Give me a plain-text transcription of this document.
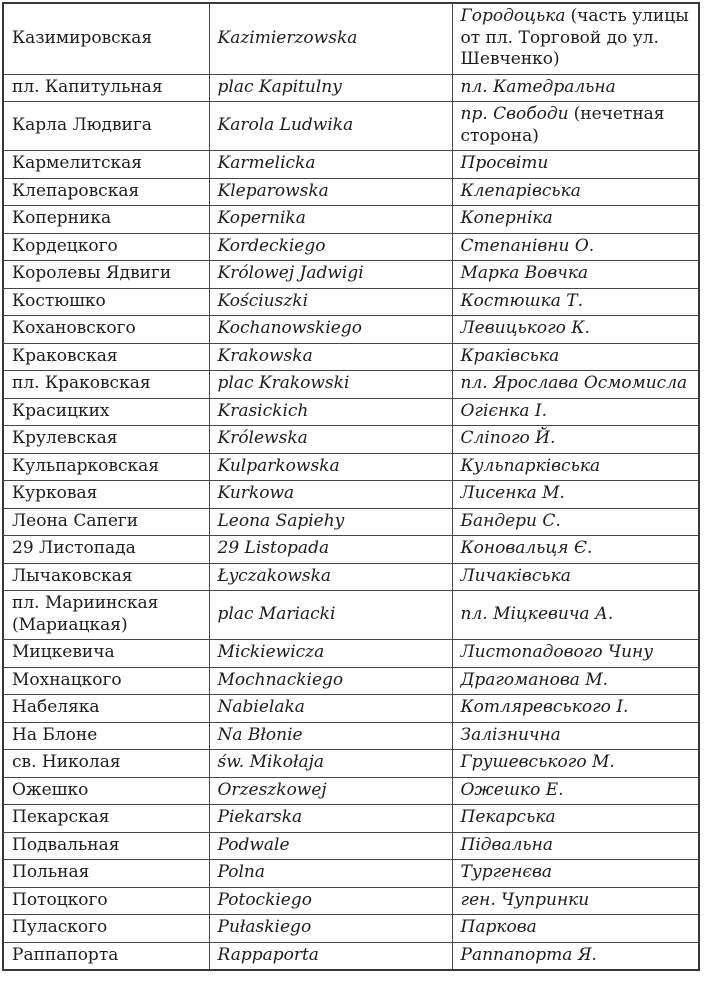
Казимировская	Kazimierzowska	Городоцька (часть улицы от пл. Торговой до ул. Шевченко)
пл. Капитульная	plac Kapitulny	пл. Катедральна
Карла Людвига	Karola Ludwika	пр. Свободи (нечетная сторона)
Кармелитская	Karmelicka	Просвіти
Клепаровская	Kleparowska	Клепарівська
Коперника	Kopernika	Коперніка
Кордецкого	Kordeckiego	Степанівни О.
Королевы Ядвиги	Królowej Jadwigi	Марка Вовчка
Костюшко	Kościuszki	Костюшка Т.
Кохановского	Kochanowskiego	Левицького К.
Краковская	Krakowska	Краківська
пл. Краковская	plac Krakowski	пл. Ярослава Осмомисла
Красицких	Krasickich	Огієнка І.
Крулевская	Królewska	Сліпого Й.
Кульпарковская	Kulparkowska	Кульпарківська
Курковая	Kurkowa	Лисенка М.
Леона Сапеги	Leona Sapiehy	Бандери С.
29 Листопада	29 Listopada	Коновальця Є.
Лычаковская	Łyczakowska	Личаківська
пл. Мариинская (Мариацкая)	plac Mariacki	пл. Міцкевича А.
Мицкевича	Mickiewicza	Листопадового Чину
Мохнацкого	Mochnackiego	Драгоманова М.
Набеляка	Nabielaka	Котляревського І.
На Блоне	Na Błonie	Залізнична
св. Николая	św. Mikołaja	Грушевського М.
Ожешко	Orzeszkowej	Ожешко Е.
Пекарская	Piekarska	Пекарська
Подвальная	Podwale	Підвальна
Польная	Polna	Тургенєва
Потоцкого	Potockiego	ген. Чупринки
Пулаского	Pułaskiego	Паркова
Раппапорта	Rappaporta	Раппапорта Я.
